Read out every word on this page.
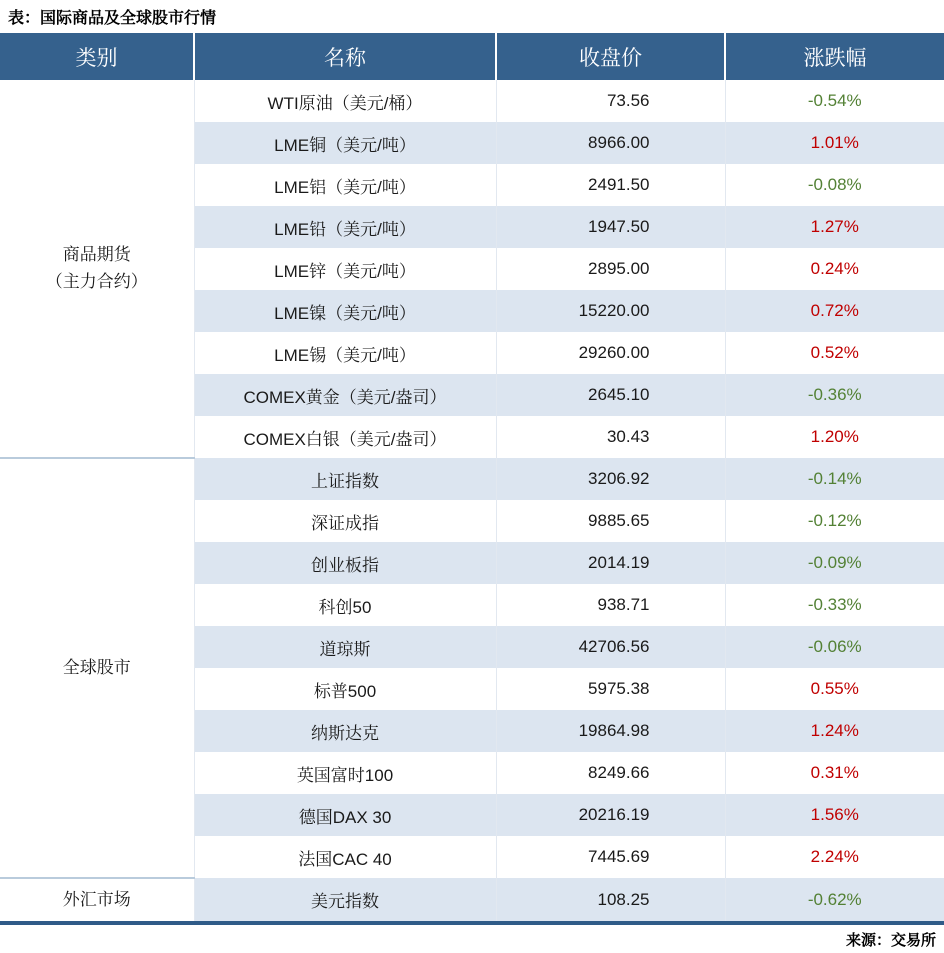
表：国际商品及全球股市行情
类别	名称	收盘价	涨跌幅
商品期货
（主力合约）	WTI原油（美元/桶）	73.56	-0.54%
	LME铜（美元/吨）	8966.00	1.01%
	LME铝（美元/吨）	2491.50	-0.08%
	LME铅（美元/吨）	1947.50	1.27%
	LME锌（美元/吨）	2895.00	0.24%
	LME镍（美元/吨）	15220.00	0.72%
	LME锡（美元/吨）	29260.00	0.52%
	COMEX黄金（美元/盎司）	2645.10	-0.36%
	COMEX白银（美元/盎司）	30.43	1.20%
全球股市	上证指数	3206.92	-0.14%
	深证成指	9885.65	-0.12%
	创业板指	2014.19	-0.09%
	科创50	938.71	-0.33%
	道琼斯	42706.56	-0.06%
	标普500	5975.38	0.55%
	纳斯达克	19864.98	1.24%
	英国富时100	8249.66	0.31%
	德国DAX 30	20216.19	1.56%
	法国CAC 40	7445.69	2.24%
外汇市场	美元指数	108.25	-0.62%
来源：交易所
